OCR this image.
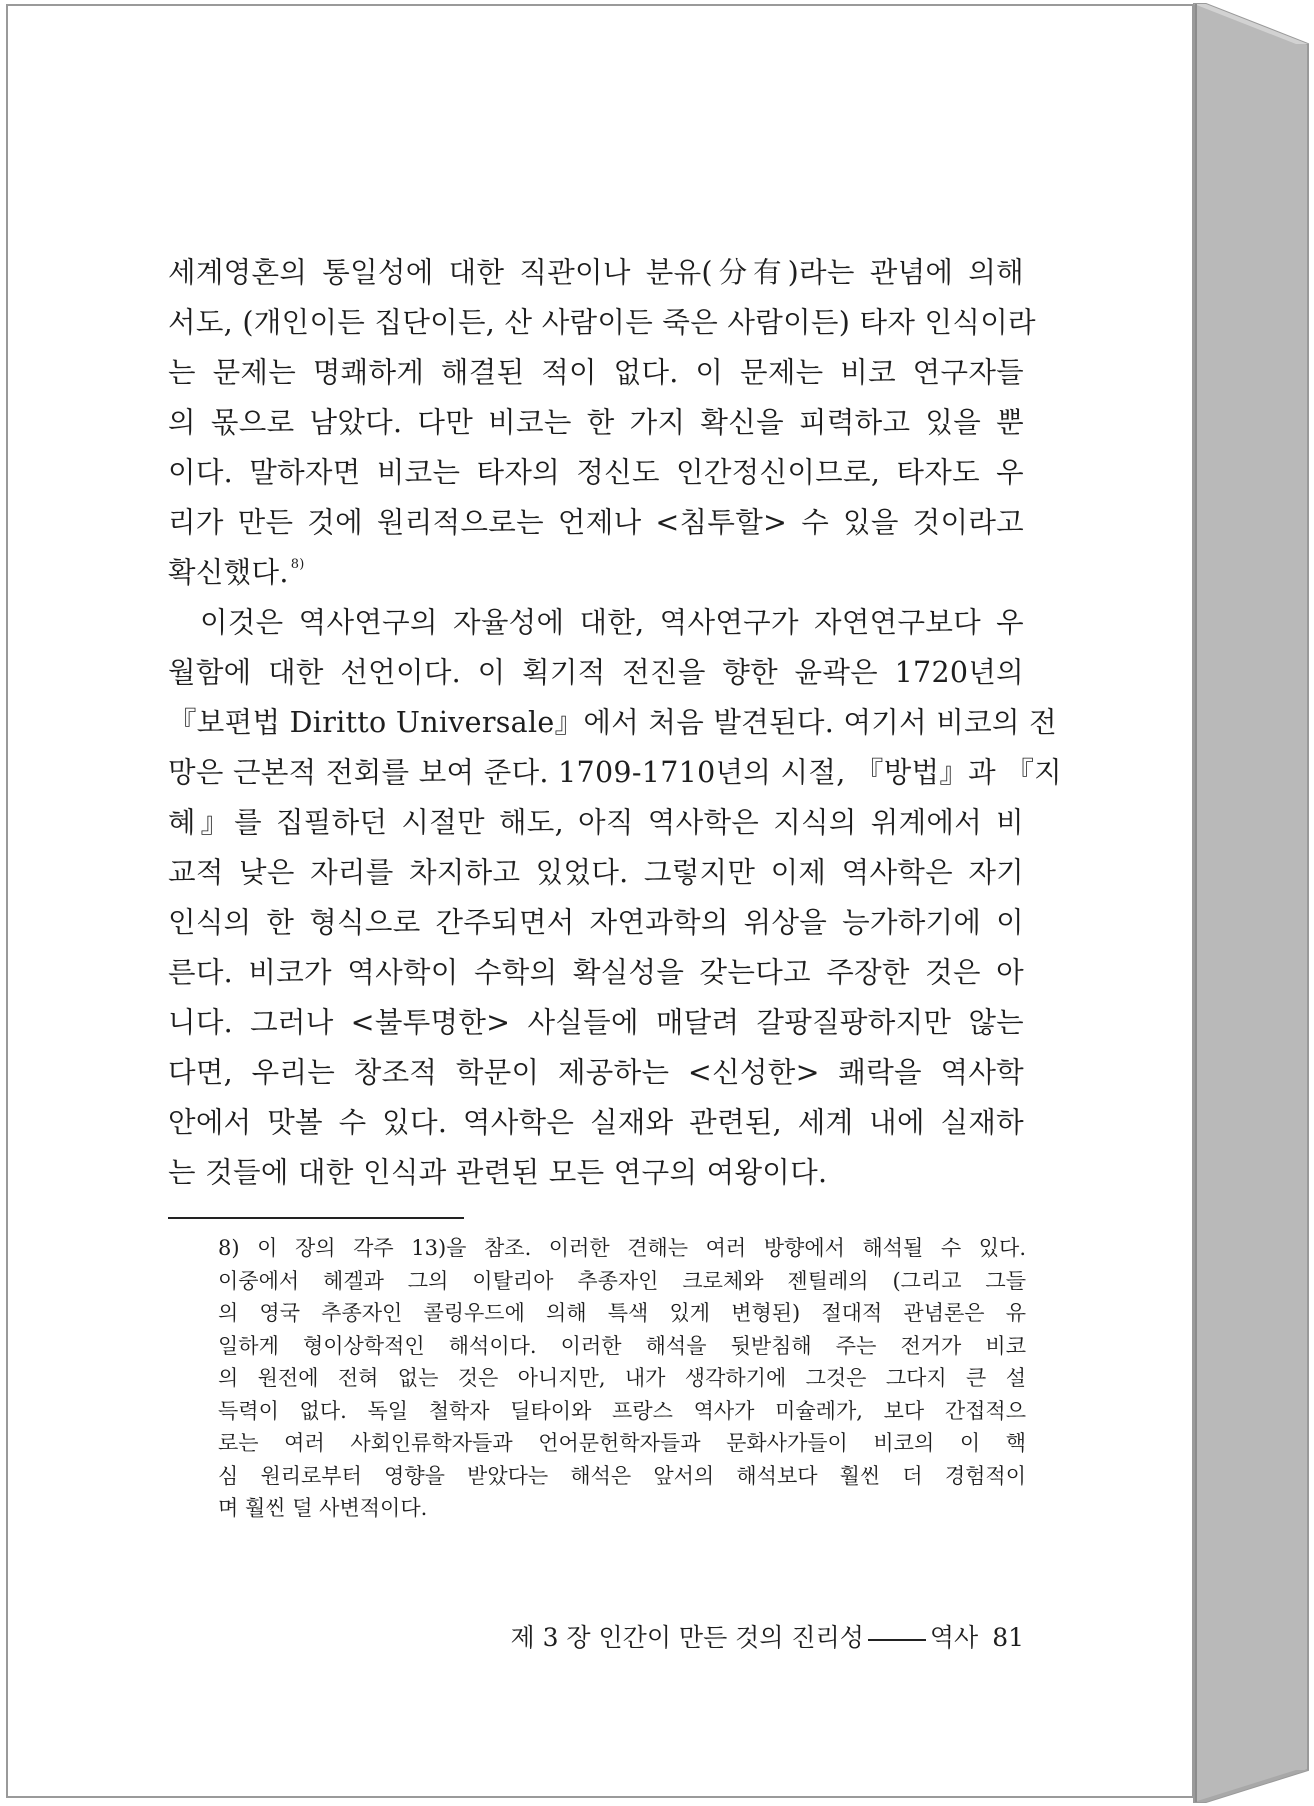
세계영혼의 통일성에 대한 직관이나 분유(分有)라는 관념에 의해
서도, (개인이든 집단이든, 산 사람이든 죽은 사람이든) 타자 인식이라
는 문제는 명쾌하게 해결된 적이 없다. 이 문제는 비코 연구자들
의 몫으로 남았다. 다만 비코는 한 가지 확신을 피력하고 있을 뿐
이다. 말하자면 비코는 타자의 정신도 인간정신이므로, 타자도 우
리가 만든 것에 원리적으로는 언제나 <침투할> 수 있을 것이라고
확신했다. $^{8)}$
이것은 역사연구의 자율성에 대한, 역사연구가 자연연구보다 우
월함에 대한 선언이다. 이 획기적 전진을 향한 윤곽은 1720년의
『보편법 Diritto Universale』에서 처음 발견된다. 여기서 비코의 전
망은 근본적 전회를 보여 준다. 1709-1710년의 시절, 『방법』과 『지
혜』를 집필하던 시절만 해도, 아직 역사학은 지식의 위계에서 비
교적 낮은 자리를 차지하고 있었다. 그렇지만 이제 역사학은 자기
인식의 한 형식으로 간주되면서 자연과학의 위상을 능가하기에 이
른다. 비코가 역사학이 수학의 확실성을 갖는다고 주장한 것은 아
니다. 그러나 <불투명한> 사실들에 매달려 갈팡질팡하지만 않는
다면, 우리는 창조적 학문이 제공하는 <신성한> 쾌락을 역사학
안에서 맛볼 수 있다. 역사학은 실재와 관련된, 세계 내에 실재하
는 것들에 대한 인식과 관련된 모든 연구의 여왕이다.
8) 이 장의 각주 13)을 참조. 이러한 견해는 여러 방향에서 해석될 수 있다.
이중에서 헤겔과 그의 이탈리아 추종자인 크로체와 젠틸레의 (그리고 그들
의 영국 추종자인 콜링우드에 의해 특색 있게 변형된) 절대적 관념론은 유
일하게 형이상학적인 해석이다. 이러한 해석을 뒷받침해 주는 전거가 비코
의 원전에 전혀 없는 것은 아니지만, 내가 생각하기에 그것은 그다지 큰 설
득력이 없다. 독일 철학자 딜타이와 프랑스 역사가 미슐레가, 보다 간접적으
로는 여러 사회인류학자들과 언어문헌학자들과 문화사가들이 비코의 이 핵
심 원리로부터 영향을 받았다는 해석은 앞서의 해석보다 훨씬 더 경험적이
며 훨씬 덜 사변적이다.
제 3 장 인간이 만든 것의 진리성	역사 81
